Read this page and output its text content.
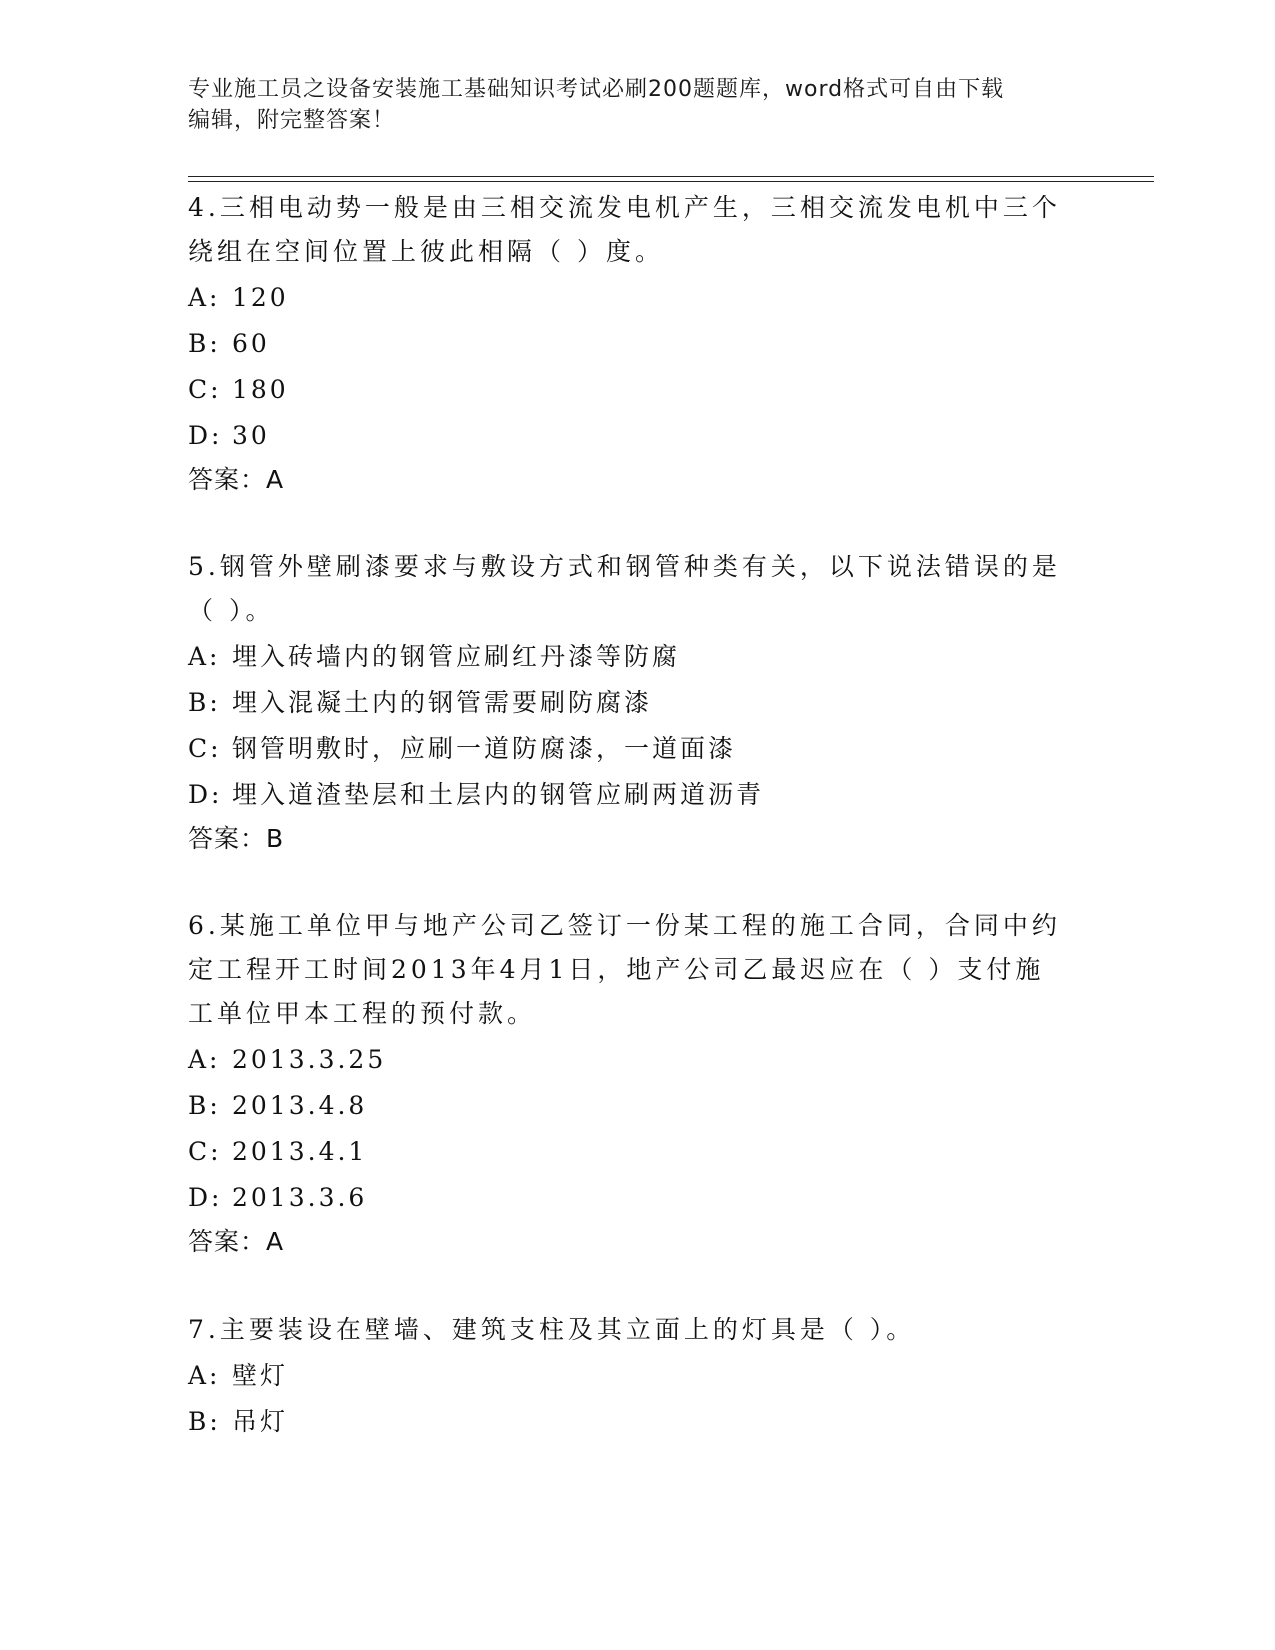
专业施工员之设备安装施工基础知识考试必刷200题题库，word格式可自由下载
编辑，附完整答案！

4.三相电动势一般是由三相交流发电机产生，三相交流发电机中三个

绕组在空间位置上彼此相隔（ ）度。

A: 120

B: 60

C: 180

D: 30

答案：A

5.钢管外壁刷漆要求与敷设方式和钢管种类有关，以下说法错误的是

（ ）。

A: 埋入砖墙内的钢管应刷红丹漆等防腐

B: 埋入混凝土内的钢管需要刷防腐漆

C: 钢管明敷时，应刷一道防腐漆，一道面漆

D: 埋入道渣垫层和土层内的钢管应刷两道沥青

答案：B

6.某施工单位甲与地产公司乙签订一份某工程的施工合同，合同中约

定工程开工时间2013年4月1日，地产公司乙最迟应在（ ）支付施

工单位甲本工程的预付款。

A: 2013.3.25

B: 2013.4.8

C: 2013.4.1

D: 2013.3.6

答案：A

7.主要装设在壁墙、建筑支柱及其立面上的灯具是（ ）。

A: 壁灯

B: 吊灯
